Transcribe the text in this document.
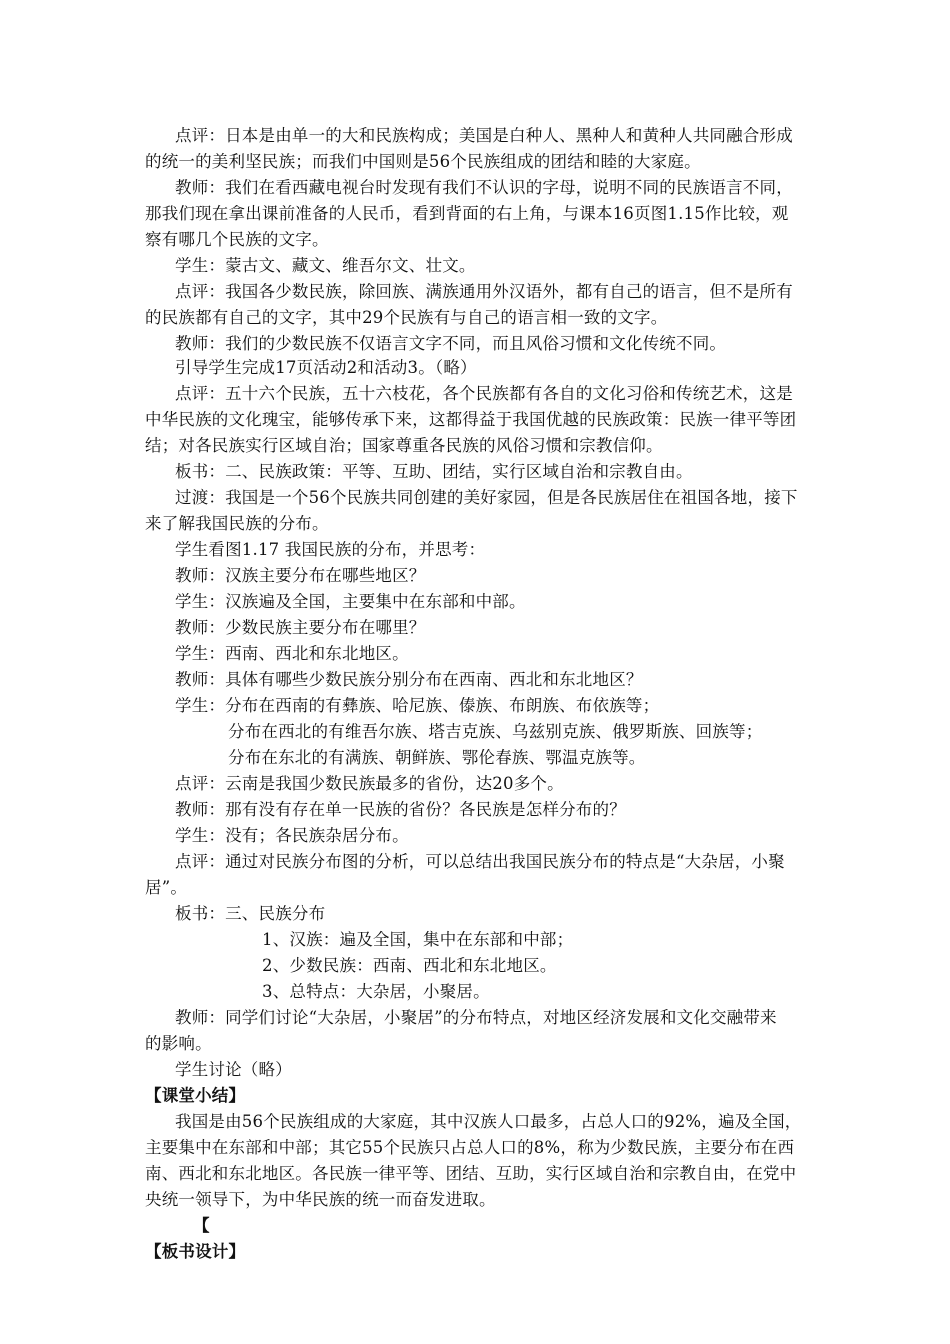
点评：日本是由单一的大和民族构成；美国是白种人、黑种人和黄种人共同融合形成
的统一的美利坚民族；而我们中国则是56个民族组成的团结和睦的大家庭。
教师：我们在看西藏电视台时发现有我们不认识的字母，说明不同的民族语言不同，
那我们现在拿出课前准备的人民币，看到背面的右上角，与课本16页图1.15作比较，观
察有哪几个民族的文字。
学生：蒙古文、藏文、维吾尔文、壮文。
点评：我国各少数民族，除回族、满族通用外汉语外，都有自己的语言，但不是所有
的民族都有自己的文字，其中29个民族有与自己的语言相一致的文字。
教师：我们的少数民族不仅语言文字不同，而且风俗习惯和文化传统不同。
引导学生完成17页活动2和活动3。（略）
点评：五十六个民族，五十六枝花，各个民族都有各自的文化习俗和传统艺术，这是
中华民族的文化瑰宝，能够传承下来，这都得益于我国优越的民族政策：民族一律平等团
结；对各民族实行区域自治；国家尊重各民族的风俗习惯和宗教信仰。
板书：二、民族政策：平等、互助、团结，实行区域自治和宗教自由。
过渡：我国是一个56个民族共同创建的美好家园，但是各民族居住在祖国各地，接下
来了解我国民族的分布。
学生看图1.17 我国民族的分布，并思考：
教师：汉族主要分布在哪些地区？
学生：汉族遍及全国，主要集中在东部和中部。
教师：少数民族主要分布在哪里？
学生：西南、西北和东北地区。
教师：具体有哪些少数民族分别分布在西南、西北和东北地区？
学生：分布在西南的有彝族、哈尼族、傣族、布朗族、布依族等；
分布在西北的有维吾尔族、塔吉克族、乌兹别克族、俄罗斯族、回族等；
分布在东北的有满族、朝鲜族、鄂伦春族、鄂温克族等。
点评：云南是我国少数民族最多的省份，达20多个。
教师：那有没有存在单一民族的省份？各民族是怎样分布的？
学生：没有；各民族杂居分布。
点评：通过对民族分布图的分析，可以总结出我国民族分布的特点是“大杂居，小聚
居”。
板书：三、民族分布
1、汉族：遍及全国，集中在东部和中部；
2、少数民族：西南、西北和东北地区。
3、总特点：大杂居，小聚居。
教师：同学们讨论“大杂居，小聚居”的分布特点，对地区经济发展和文化交融带来
的影响。
学生讨论（略）
【课堂小结】
我国是由56个民族组成的大家庭，其中汉族人口最多，占总人口的92%，遍及全国，
主要集中在东部和中部；其它55个民族只占总人口的8%，称为少数民族，主要分布在西
南、西北和东北地区。各民族一律平等、团结、互助，实行区域自治和宗教自由，在党中
央统一领导下，为中华民族的统一而奋发进取。
【
【板书设计】
